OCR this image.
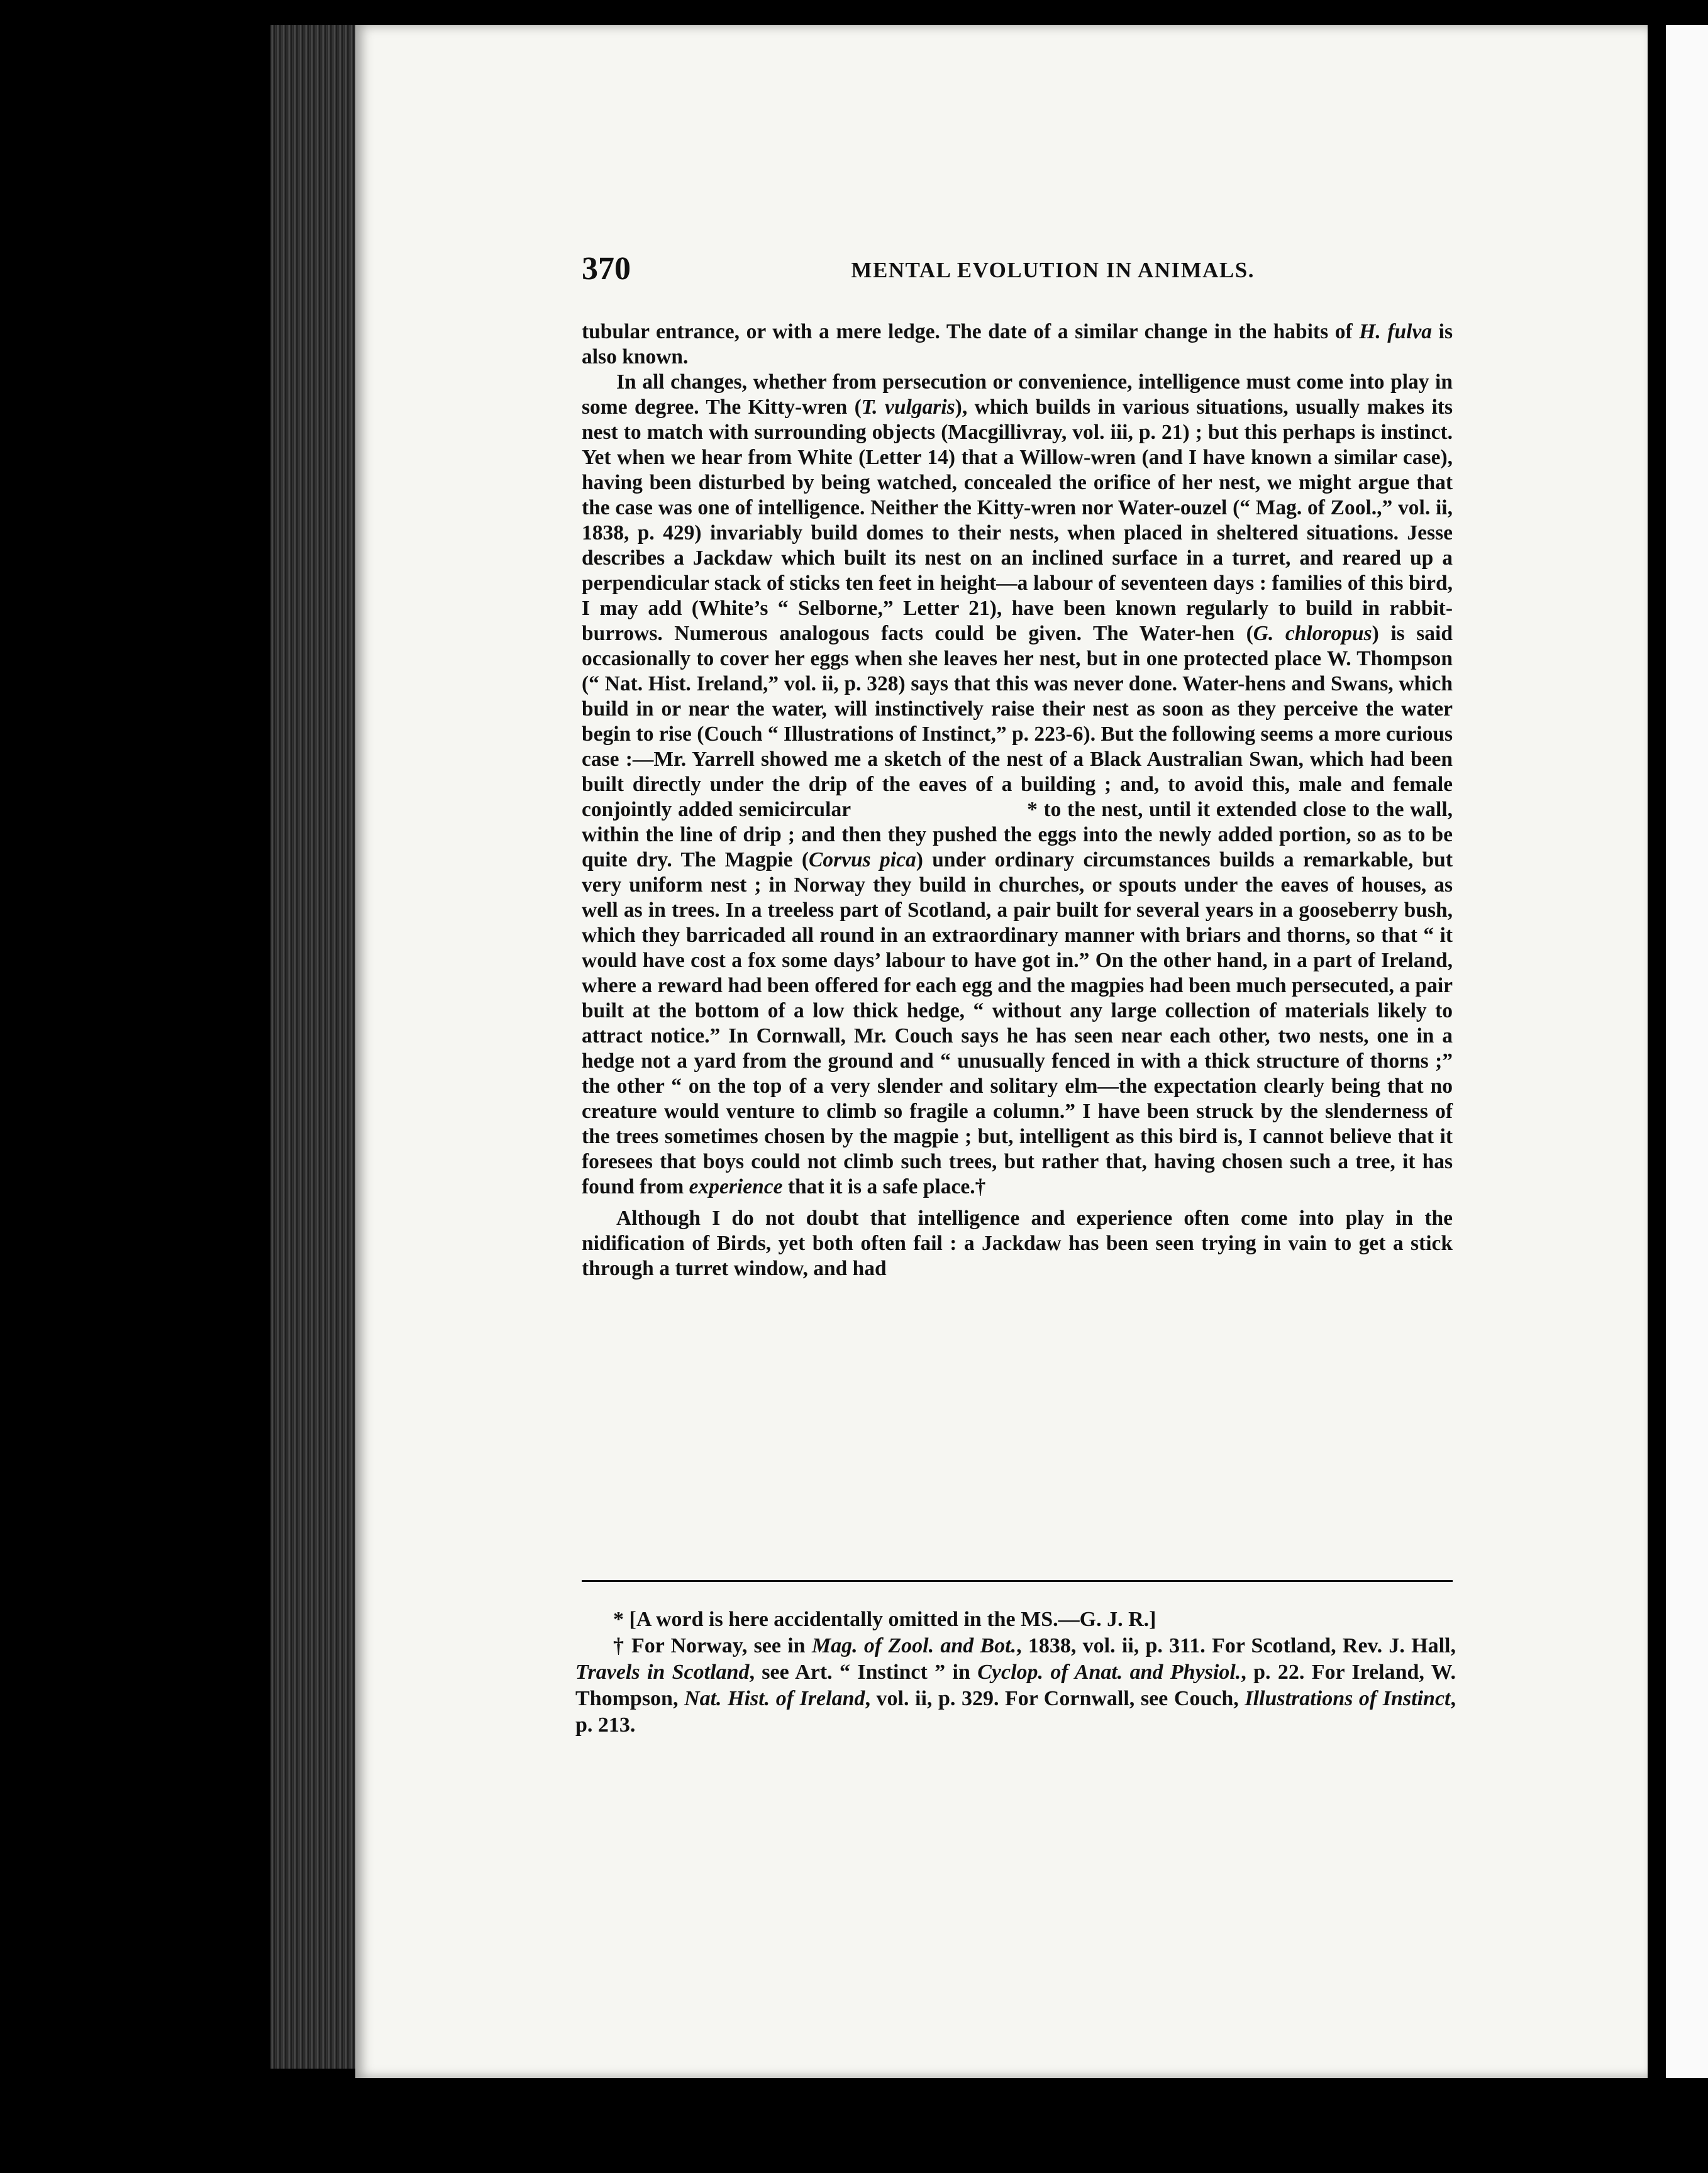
370	MENTAL EVOLUTION IN ANIMALS.

tubular entrance, or with a mere ledge. The date of a similar change in the habits of H. fulva is also known.

In all changes, whether from persecution or convenience, intelligence must come into play in some degree. The Kitty-wren (T. vulgaris), which builds in various situations, usually makes its nest to match with surrounding objects (Macgillivray, vol. iii, p. 21) ; but this perhaps is instinct. Yet when we hear from White (Letter 14) that a Willow-wren (and I have known a similar case), having been disturbed by being watched, concealed the orifice of her nest, we might argue that the case was one of intelligence. Neither the Kitty-wren nor Water-ouzel (“ Mag. of Zool.,” vol. ii, 1838, p. 429) invariably build domes to their nests, when placed in sheltered situations. Jesse describes a Jackdaw which built its nest on an inclined surface in a turret, and reared up a perpendicular stack of sticks ten feet in height—a labour of seventeen days : families of this bird, I may add (White’s “ Selborne,” Letter 21), have been known regularly to build in rabbit-burrows. Numerous analogous facts could be given. The Water-hen (G. chloropus) is said occasionally to cover her eggs when she leaves her nest, but in one protected place W. Thompson (“ Nat. Hist. Ireland,” vol. ii, p. 328) says that this was never done. Water-hens and Swans, which build in or near the water, will instinctively raise their nest as soon as they perceive the water begin to rise (Couch “ Illustrations of Instinct,” p. 223-6). But the following seems a more curious case :—Mr. Yarrell showed me a sketch of the nest of a Black Australian Swan, which had been built directly under the drip of the eaves of a building ; and, to avoid this, male and female conjointly added semicircular	* to the nest, until it extended close to the wall, within the line of drip ; and then they pushed the eggs into the newly added portion, so as to be quite dry. The Magpie (Corvus pica) under ordinary circumstances builds a remarkable, but very uniform nest ; in Norway they build in churches, or spouts under the eaves of houses, as well as in trees. In a treeless part of Scotland, a pair built for several years in a gooseberry bush, which they barricaded all round in an extraordinary manner with briars and thorns, so that “ it would have cost a fox some days’ labour to have got in.” On the other hand, in a part of Ireland, where a reward had been offered for each egg and the magpies had been much persecuted, a pair built at the bottom of a low thick hedge, “ without any large collection of materials likely to attract notice.” In Cornwall, Mr. Couch says he has seen near each other, two nests, one in a hedge not a yard from the ground and “ unusually fenced in with a thick structure of thorns ;” the other “ on the top of a very slender and solitary elm—the expectation clearly being that no creature would venture to climb so fragile a column.” I have been struck by the slenderness of the trees sometimes chosen by the magpie ; but, intelligent as this bird is, I cannot believe that it foresees that boys could not climb such trees, but rather that, having chosen such a tree, it has found from experience that it is a safe place.†

Although I do not doubt that intelligence and experience often come into play in the nidification of Birds, yet both often fail : a Jackdaw has been seen trying in vain to get a stick through a turret window, and had

* [A word is here accidentally omitted in the MS.—G. J. R.]

† For Norway, see in Mag. of Zool. and Bot., 1838, vol. ii, p. 311. For Scotland, Rev. J. Hall, Travels in Scotland, see Art. “ Instinct ” in Cyclop. of Anat. and Physiol., p. 22. For Ireland, W. Thompson, Nat. Hist. of Ireland, vol. ii, p. 329. For Cornwall, see Couch, Illustrations of Instinct, p. 213.
